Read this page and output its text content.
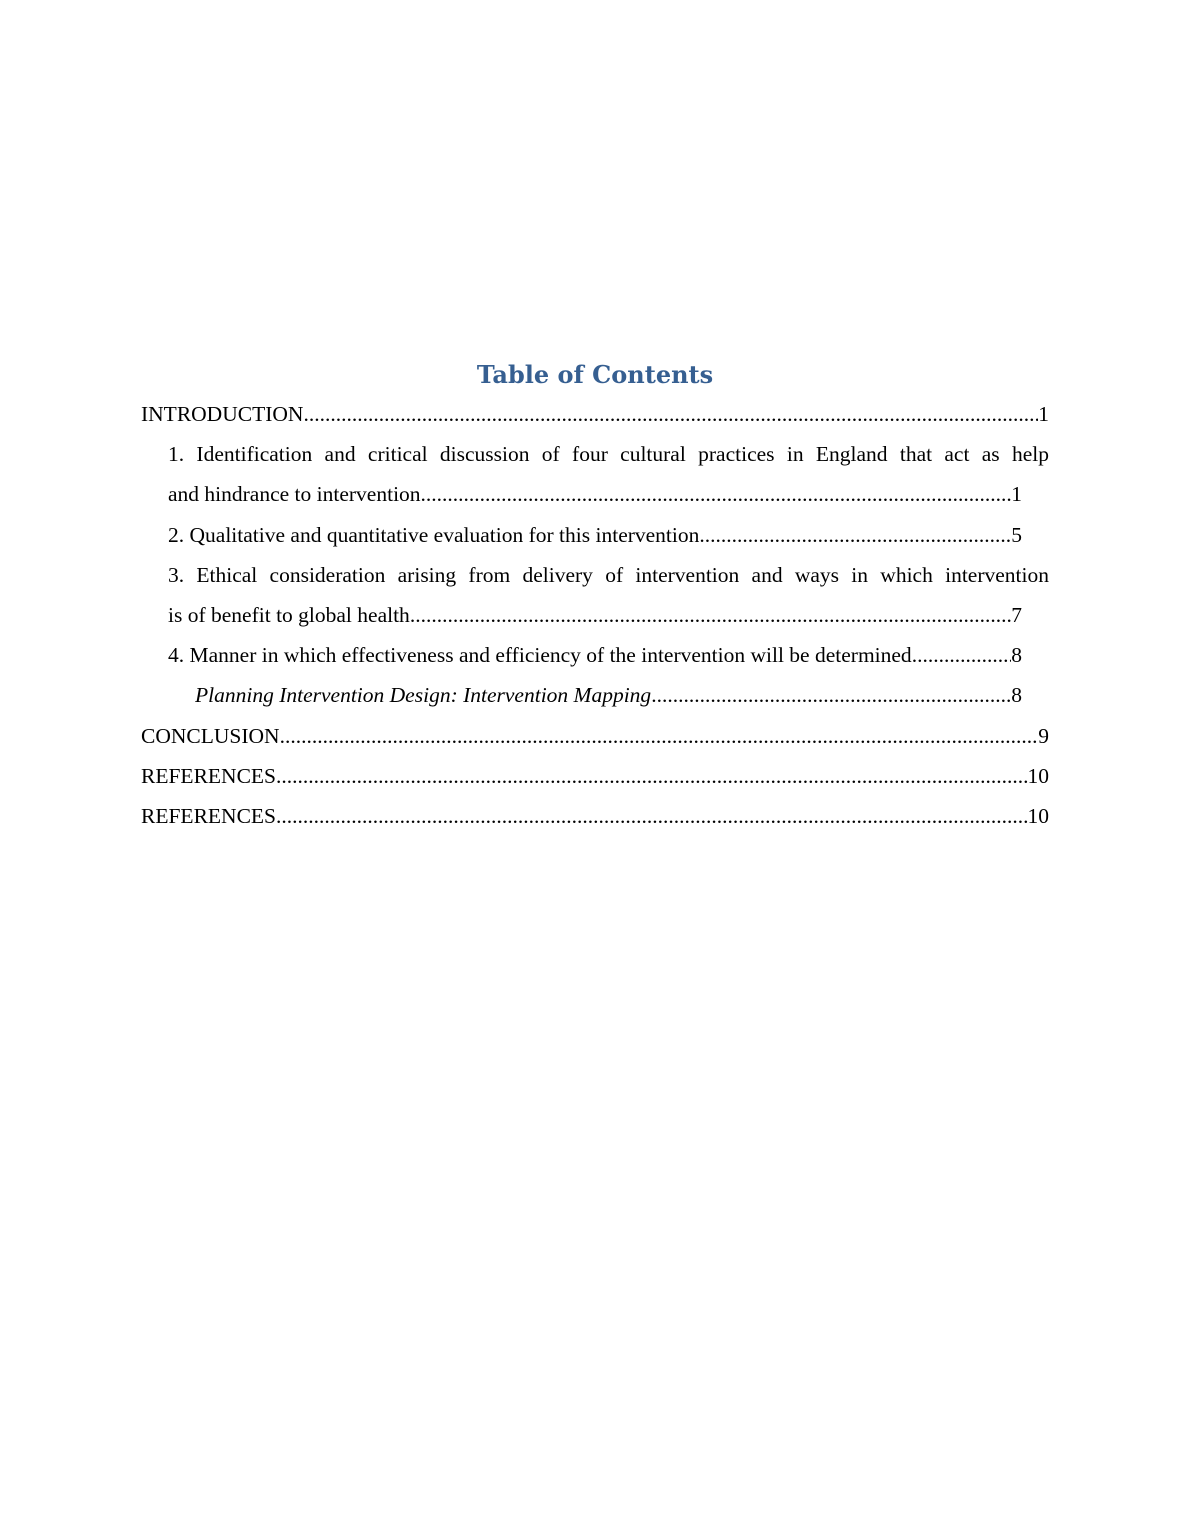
Table of Contents
INTRODUCTION .....	1
1. Identification and critical discussion of four cultural practices in England that act as help
and hindrance to intervention .....	1
2. Qualitative and quantitative evaluation for this intervention .....	5
3. Ethical consideration arising from delivery of intervention and ways in which intervention
is of benefit to global health .....	7
4. Manner in which effectiveness and efficiency of the intervention will be determined .....	8
Planning Intervention Design: Intervention Mapping .....	8
CONCLUSION .....	9
REFERENCES .....	10
REFERENCES .....	10
